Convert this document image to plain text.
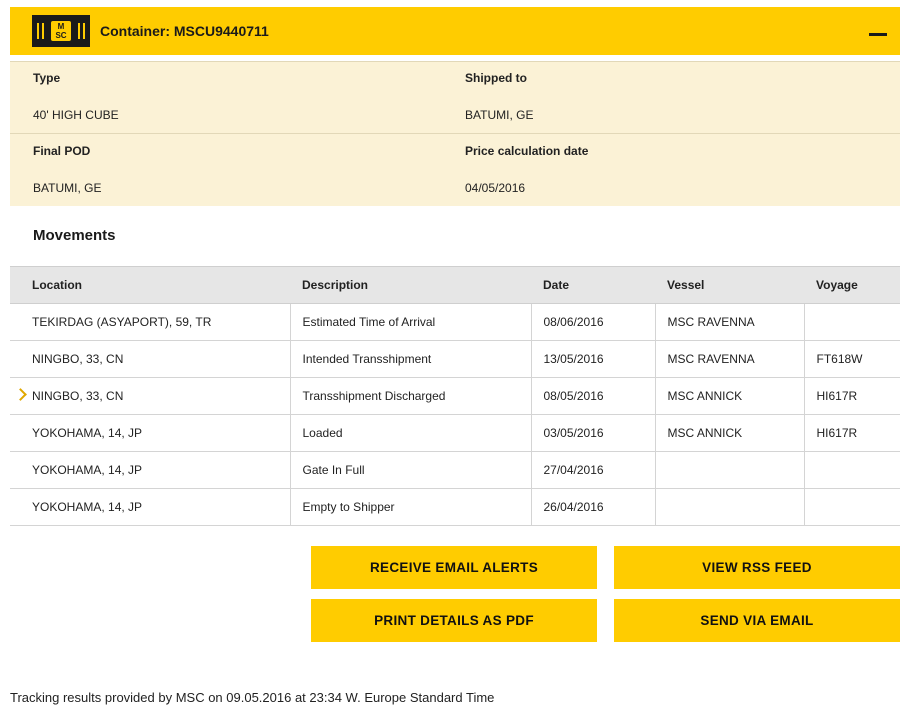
M
SC	Container: MSCU9440711
Type
40' HIGH CUBE
Shipped to
BATUMI, GE
Final POD
BATUMI, GE
Price calculation date
04/05/2016
Movements
Location	Description	Date	Vessel	Voyage
TEKIRDAG (ASYAPORT), 59, TR	Estimated Time of Arrival	08/06/2016	MSC RAVENNA	
NINGBO, 33, CN	Intended Transshipment	13/05/2016	MSC RAVENNA	FT618W

NINGBO, 33, CN	Transshipment Discharged	08/05/2016	MSC ANNICK	HI617R
YOKOHAMA, 14, JP	Loaded	03/05/2016	MSC ANNICK	HI617R
YOKOHAMA, 14, JP	Gate In Full	27/04/2016		
YOKOHAMA, 14, JP	Empty to Shipper	26/04/2016		
RECEIVE EMAIL ALERTS	VIEW RSS FEED
PRINT DETAILS AS PDF	SEND VIA EMAIL
Tracking results provided by MSC on 09.05.2016 at 23:34 W. Europe Standard Time
